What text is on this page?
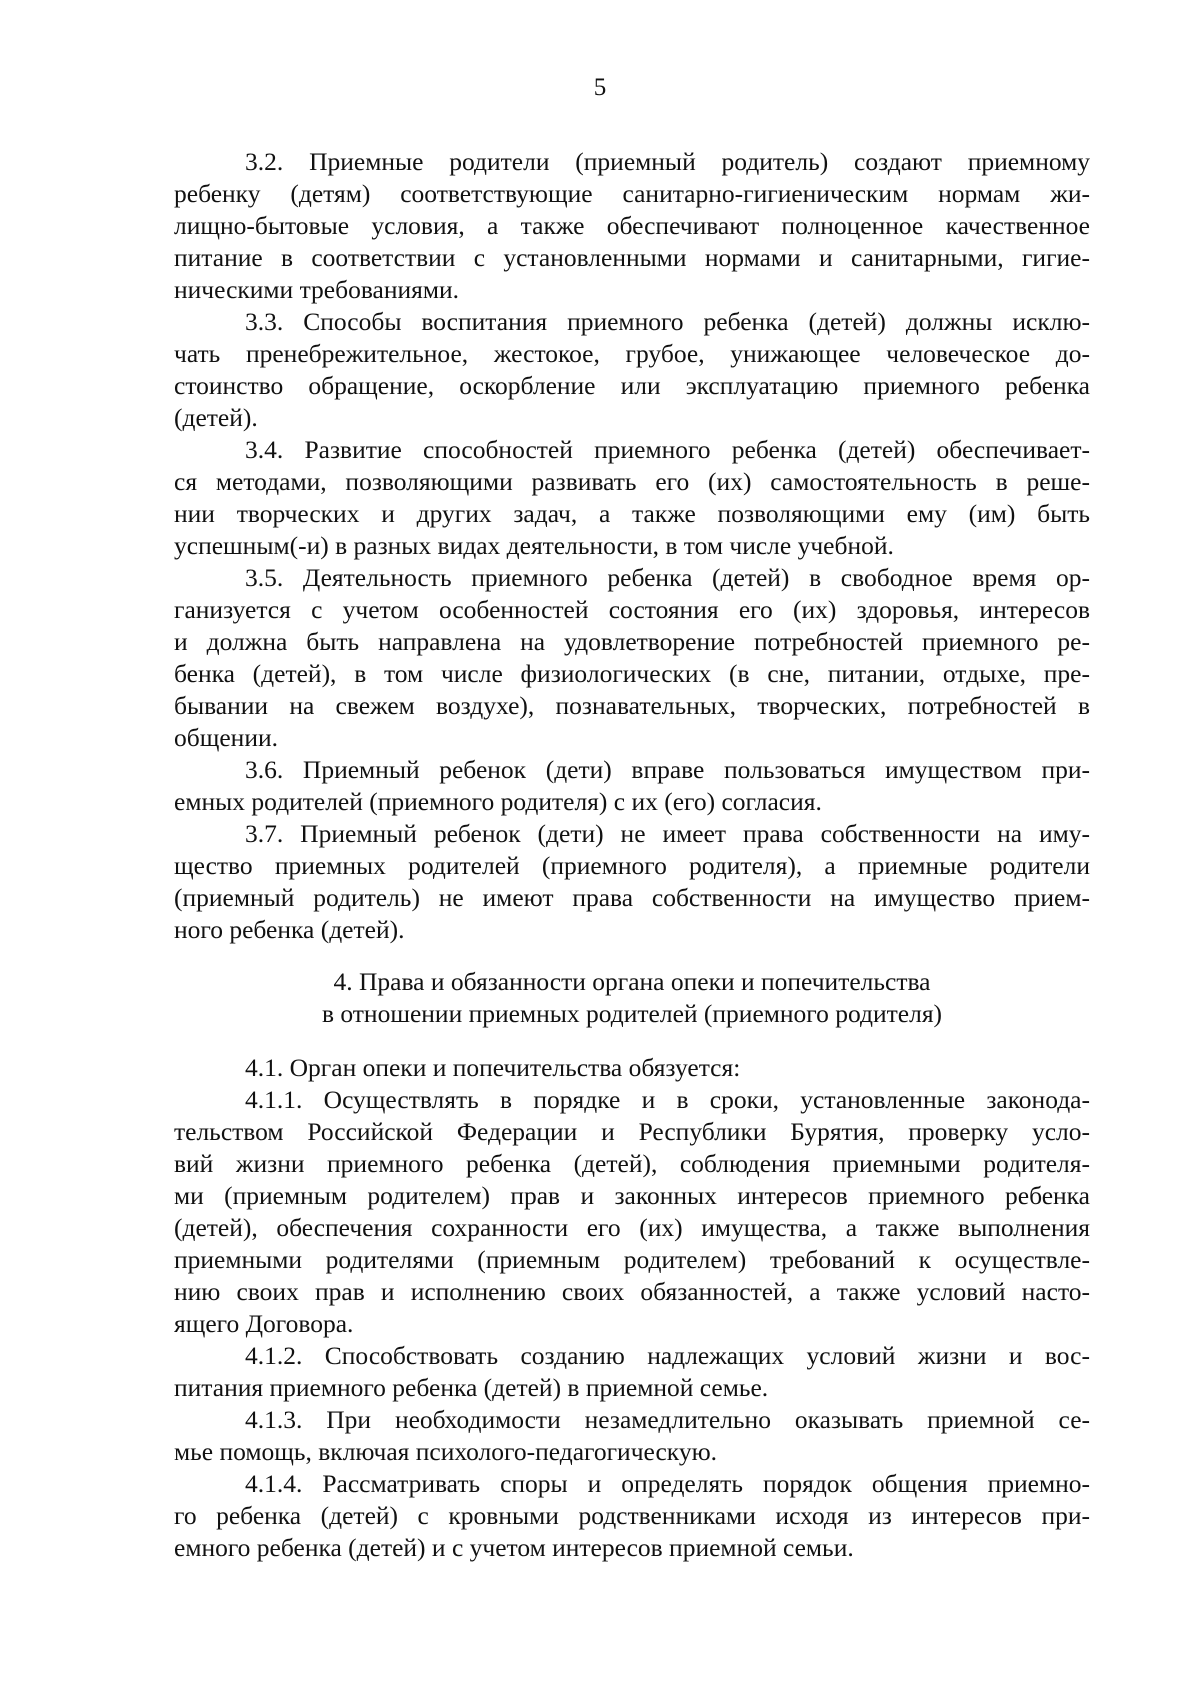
5
3.2. Приемные родители (приемный родитель) создают приемному
ребенку (детям) соответствующие санитарно-гигиеническим нормам жи-
лищно-бытовые условия, а также обеспечивают полноценное качественное
питание в соответствии с установленными нормами и санитарными, гигие-
ническими требованиями.
3.3. Способы воспитания приемного ребенка (детей) должны исклю-
чать пренебрежительное, жестокое, грубое, унижающее человеческое до-
стоинство обращение, оскорбление или эксплуатацию приемного ребенка
(детей).
3.4. Развитие способностей приемного ребенка (детей) обеспечивает-
ся методами, позволяющими развивать его (их) самостоятельность в реше-
нии творческих и других задач, а также позволяющими ему (им) быть
успешным(-и) в разных видах деятельности, в том числе учебной.
3.5. Деятельность приемного ребенка (детей) в свободное время ор-
ганизуется с учетом особенностей состояния его (их) здоровья, интересов
и должна быть направлена на удовлетворение потребностей приемного ре-
бенка (детей), в том числе физиологических (в сне, питании, отдыхе, пре-
бывании на свежем воздухе), познавательных, творческих, потребностей в
общении.
3.6. Приемный ребенок (дети) вправе пользоваться имуществом при-
емных родителей (приемного родителя) с их (его) согласия.
3.7. Приемный ребенок (дети) не имеет права собственности на иму-
щество приемных родителей (приемного родителя), а приемные родители
(приемный родитель) не имеют права собственности на имущество прием-
ного ребенка (детей).
4. Права и обязанности органа опеки и попечительства
в отношении приемных родителей (приемного родителя)
4.1. Орган опеки и попечительства обязуется:
4.1.1. Осуществлять в порядке и в сроки, установленные законода-
тельством Российской Федерации и Республики Бурятия, проверку усло-
вий жизни приемного ребенка (детей), соблюдения приемными родителя-
ми (приемным родителем) прав и законных интересов приемного ребенка
(детей), обеспечения сохранности его (их) имущества, а также выполнения
приемными родителями (приемным родителем) требований к осуществле-
нию своих прав и исполнению своих обязанностей, а также условий насто-
ящего Договора.
4.1.2. Способствовать созданию надлежащих условий жизни и вос-
питания приемного ребенка (детей) в приемной семье.
4.1.3. При необходимости незамедлительно оказывать приемной се-
мье помощь, включая психолого-педагогическую.
4.1.4. Рассматривать споры и определять порядок общения приемно-
го ребенка (детей) с кровными родственниками исходя из интересов при-
емного ребенка (детей) и с учетом интересов приемной семьи.
